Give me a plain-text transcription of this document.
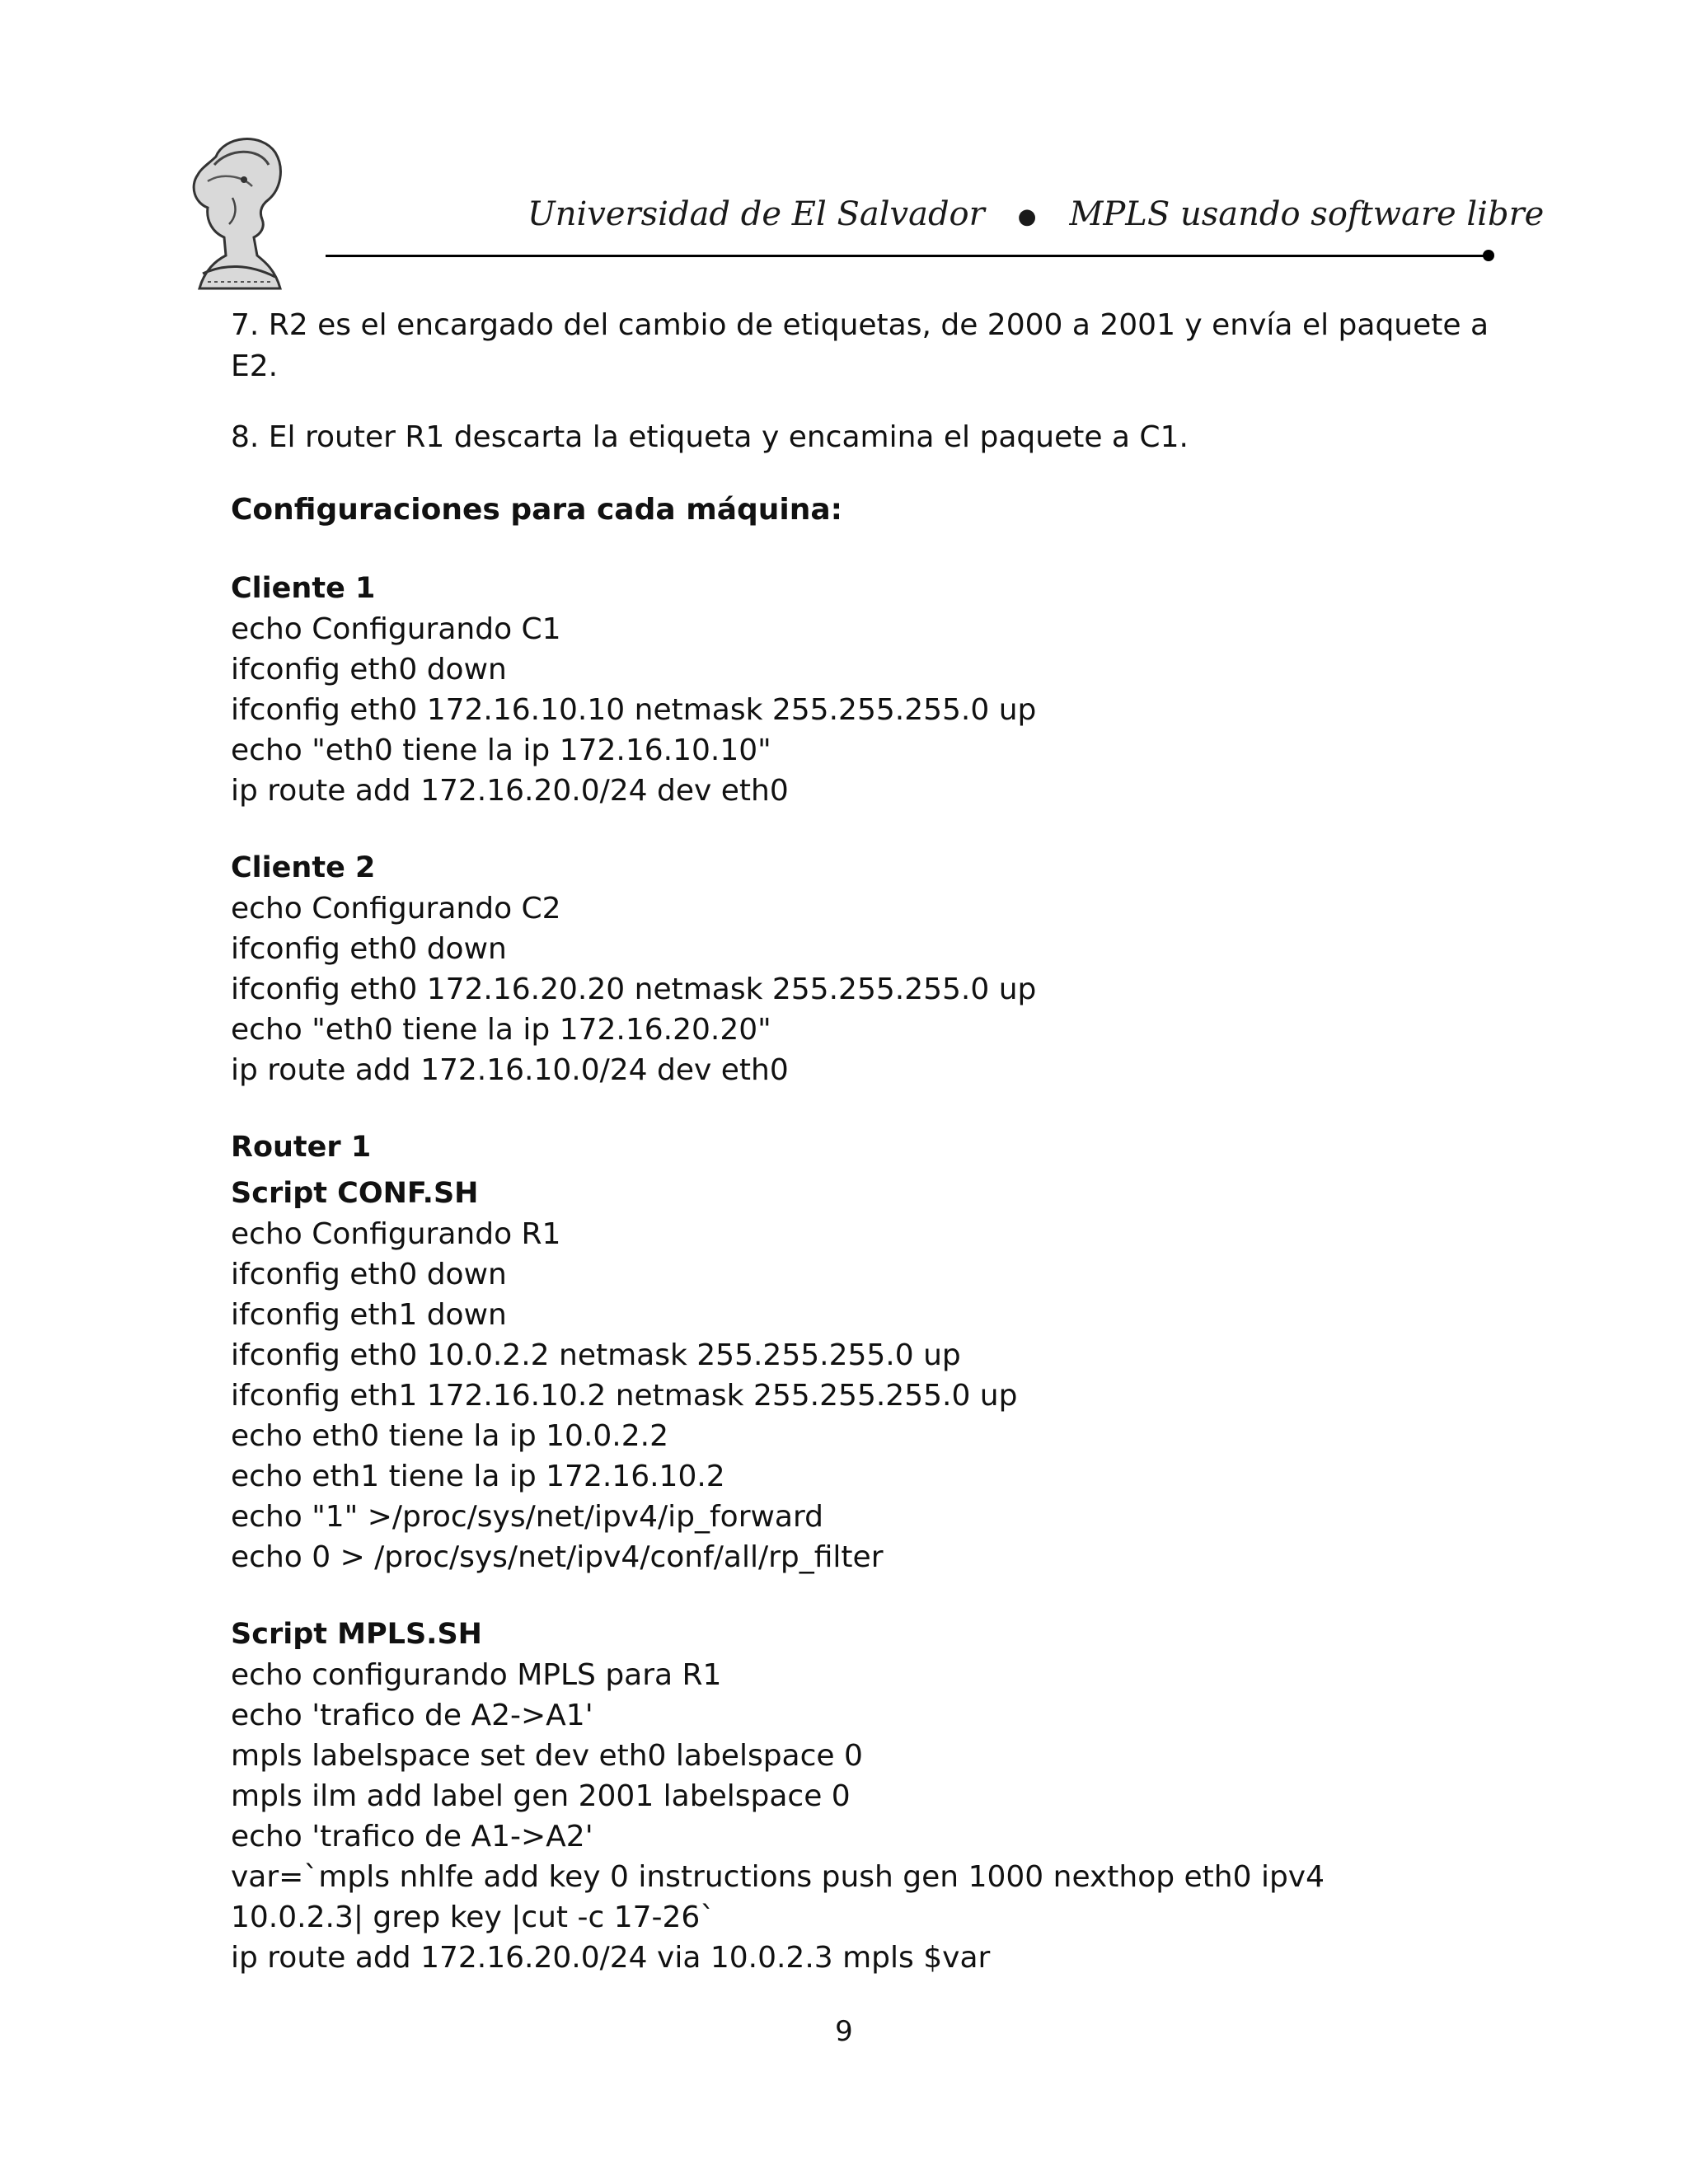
Universidad de El Salvador ● MPLS usando software libre

7. R2 es el encargado del cambio de etiquetas, de 2000 a 2001 y envía el paquete a E2.

8. El router R1 descarta la etiqueta y encamina el paquete a C1.

Configuraciones para cada máquina:
Cliente 1

echo Configurando C1

ifconfig eth0 down

ifconfig eth0 172.16.10.10 netmask 255.255.255.0 up

echo "eth0 tiene la ip 172.16.10.10"

ip route add 172.16.20.0/24 dev eth0

Cliente 2

echo Configurando C2

ifconfig eth0 down

ifconfig eth0 172.16.20.20 netmask 255.255.255.0 up

echo "eth0 tiene la ip 172.16.20.20"

ip route add 172.16.10.0/24 dev eth0

Router 1
Script CONF.SH

echo Configurando R1

ifconfig eth0 down

ifconfig eth1 down

ifconfig eth0 10.0.2.2 netmask 255.255.255.0 up

ifconfig eth1 172.16.10.2 netmask 255.255.255.0 up

echo eth0 tiene la ip 10.0.2.2

echo eth1 tiene la ip 172.16.10.2

echo "1" >/proc/sys/net/ipv4/ip_forward

echo 0 > /proc/sys/net/ipv4/conf/all/rp_filter

Script MPLS.SH

echo configurando MPLS para R1

echo 'trafico de A2->A1'

mpls labelspace set dev eth0 labelspace 0

mpls ilm add label gen 2001 labelspace 0

echo 'trafico de A1->A2'

var=`mpls nhlfe add key 0 instructions push gen 1000 nexthop eth0 ipv4 10.0.2.3| grep key |cut -c 17-26`

ip route add 172.16.20.0/24 via 10.0.2.3 mpls $var

9
